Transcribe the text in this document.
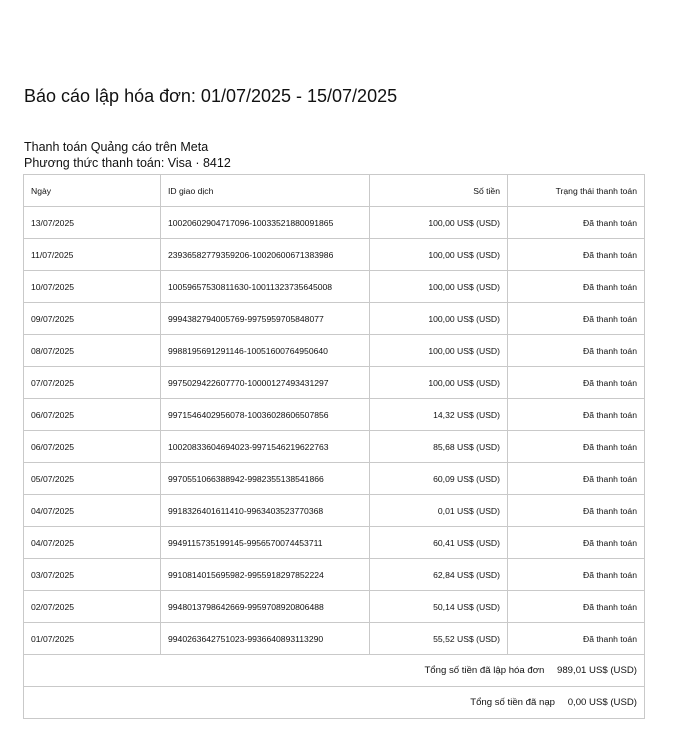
Báo cáo lập hóa đơn: 01/07/2025 - 15/07/2025
Thanh toán Quảng cáo trên Meta
Phương thức thanh toán: Visa · 8412
Ngày	ID giao dịch	Số tiền	Trạng thái thanh toán
13/07/2025	10020602904717096-10033521880091865	100,00 US$ (USD)	Đã thanh toán
11/07/2025	23936582779359206-10020600671383986	100,00 US$ (USD)	Đã thanh toán
10/07/2025	10059657530811630-10011323735645008	100,00 US$ (USD)	Đã thanh toán
09/07/2025	9994382794005769-9975959705848077	100,00 US$ (USD)	Đã thanh toán
08/07/2025	9988195691291146-10051600764950640	100,00 US$ (USD)	Đã thanh toán
07/07/2025	9975029422607770-10000127493431297	100,00 US$ (USD)	Đã thanh toán
06/07/2025	9971546402956078-10036028606507856	14,32 US$ (USD)	Đã thanh toán
06/07/2025	10020833604694023-9971546219622763	85,68 US$ (USD)	Đã thanh toán
05/07/2025	9970551066388942-9982355138541866	60,09 US$ (USD)	Đã thanh toán
04/07/2025	9918326401611410-9963403523770368	0,01 US$ (USD)	Đã thanh toán
04/07/2025	9949115735199145-9956570074453711	60,41 US$ (USD)	Đã thanh toán
03/07/2025	9910814015695982-9955918297852224	62,84 US$ (USD)	Đã thanh toán
02/07/2025	9948013798642669-9959708920806488	50,14 US$ (USD)	Đã thanh toán
01/07/2025	9940263642751023-9936640893113290	55,52 US$ (USD)	Đã thanh toán
Tổng số tiền đã lập hóa đơn 989,01 US$ (USD)			
Tổng số tiền đã nạp 0,00 US$ (USD)			
